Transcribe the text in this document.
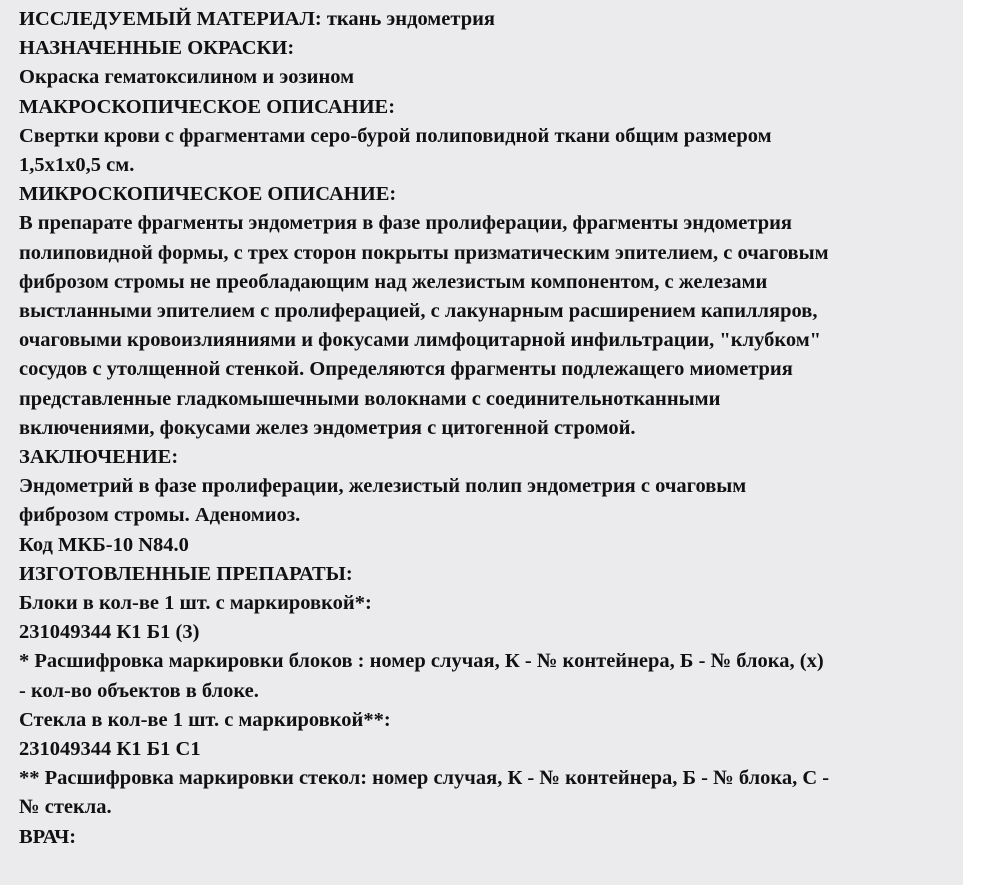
ИССЛЕДУЕМЫЙ МАТЕРИАЛ: ткань эндометрия
НАЗНАЧЕННЫЕ ОКРАСКИ:
Окраска гематоксилином и эозином
МАКРОСКОПИЧЕСКОЕ ОПИСАНИЕ:
Свертки крови с фрагментами серо-бурой полиповидной ткани общим размером
1,5x1x0,5 см.
МИКРОСКОПИЧЕСКОЕ ОПИСАНИЕ:
В препарате фрагменты эндометрия в фазе пролиферации, фрагменты эндометрия
полиповидной формы, с трех сторон покрыты призматическим эпителием, с очаговым
фиброзом стромы не преобладающим над железистым компонентом, с железами
выстланными эпителием с пролиферацией, с лакунарным расширением капилляров,
очаговыми кровоизлияниями и фокусами лимфоцитарной инфильтрации, "клубком"
сосудов с утолщенной стенкой. Определяются фрагменты подлежащего миометрия
представленные гладкомышечными волокнами с соединительнотканными
включениями, фокусами желез эндометрия с цитогенной стромой.
ЗАКЛЮЧЕНИЕ:
Эндометрий в фазе пролиферации, железистый полип эндометрия с очаговым
фиброзом стромы. Аденомиоз.
Код МКБ-10 N84.0
ИЗГОТОВЛЕННЫЕ ПРЕПАРАТЫ:
Блоки в кол-ве 1 шт. с маркировкой*:
231049344 К1 Б1 (3)
* Расшифровка маркировки блоков : номер случая, К - № контейнера, Б - № блока, (x)
- кол-во объектов в блоке.
Стекла в кол-ве 1 шт. с маркировкой**:
231049344 К1 Б1 С1
** Расшифровка маркировки стекол: номер случая, К - № контейнера, Б - № блока, С -
№ стекла.
ВРАЧ:
